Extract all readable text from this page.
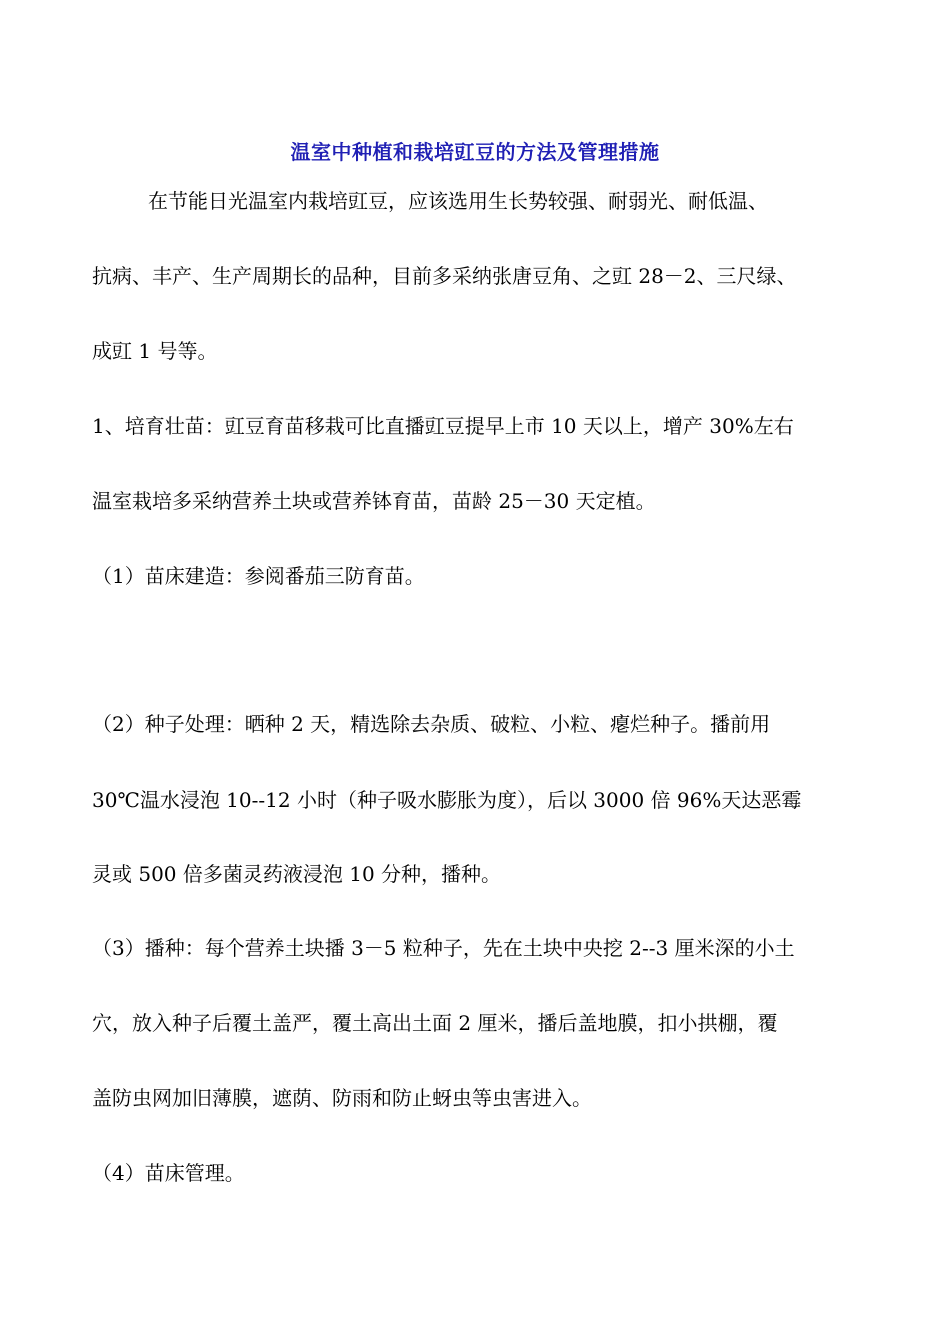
温室中种植和栽培豇豆的方法及管理措施
在节能日光温室内栽培豇豆，应该选用生长势较强、耐弱光、耐低温、
抗病、丰产、生产周期长的品种，目前多采纳张唐豆角、之豇 28－2、三尺绿、
成豇 1 号等。
1、培育壮苗：豇豆育苗移栽可比直播豇豆提早上市 10 天以上，增产 30%左右
温室栽培多采纳营养土块或营养钵育苗，苗龄 25－30 天定植。
（1）苗床建造：参阅番茄三防育苗。
（2）种子处理：晒种 2 天，精选除去杂质、破粒、小粒、瘪烂种子。播前用
30℃温水浸泡 10--12 小时（种子吸水膨胀为度），后以 3000 倍 96%天达恶霉
灵或 500 倍多菌灵药液浸泡 10 分种，播种。
（3）播种：每个营养土块播 3－5 粒种子，先在土块中央挖 2--3 厘米深的小土
穴，放入种子后覆土盖严，覆土高出土面 2 厘米，播后盖地膜，扣小拱棚，覆
盖防虫网加旧薄膜，遮荫、防雨和防止蚜虫等虫害进入。
（4）苗床管理。
